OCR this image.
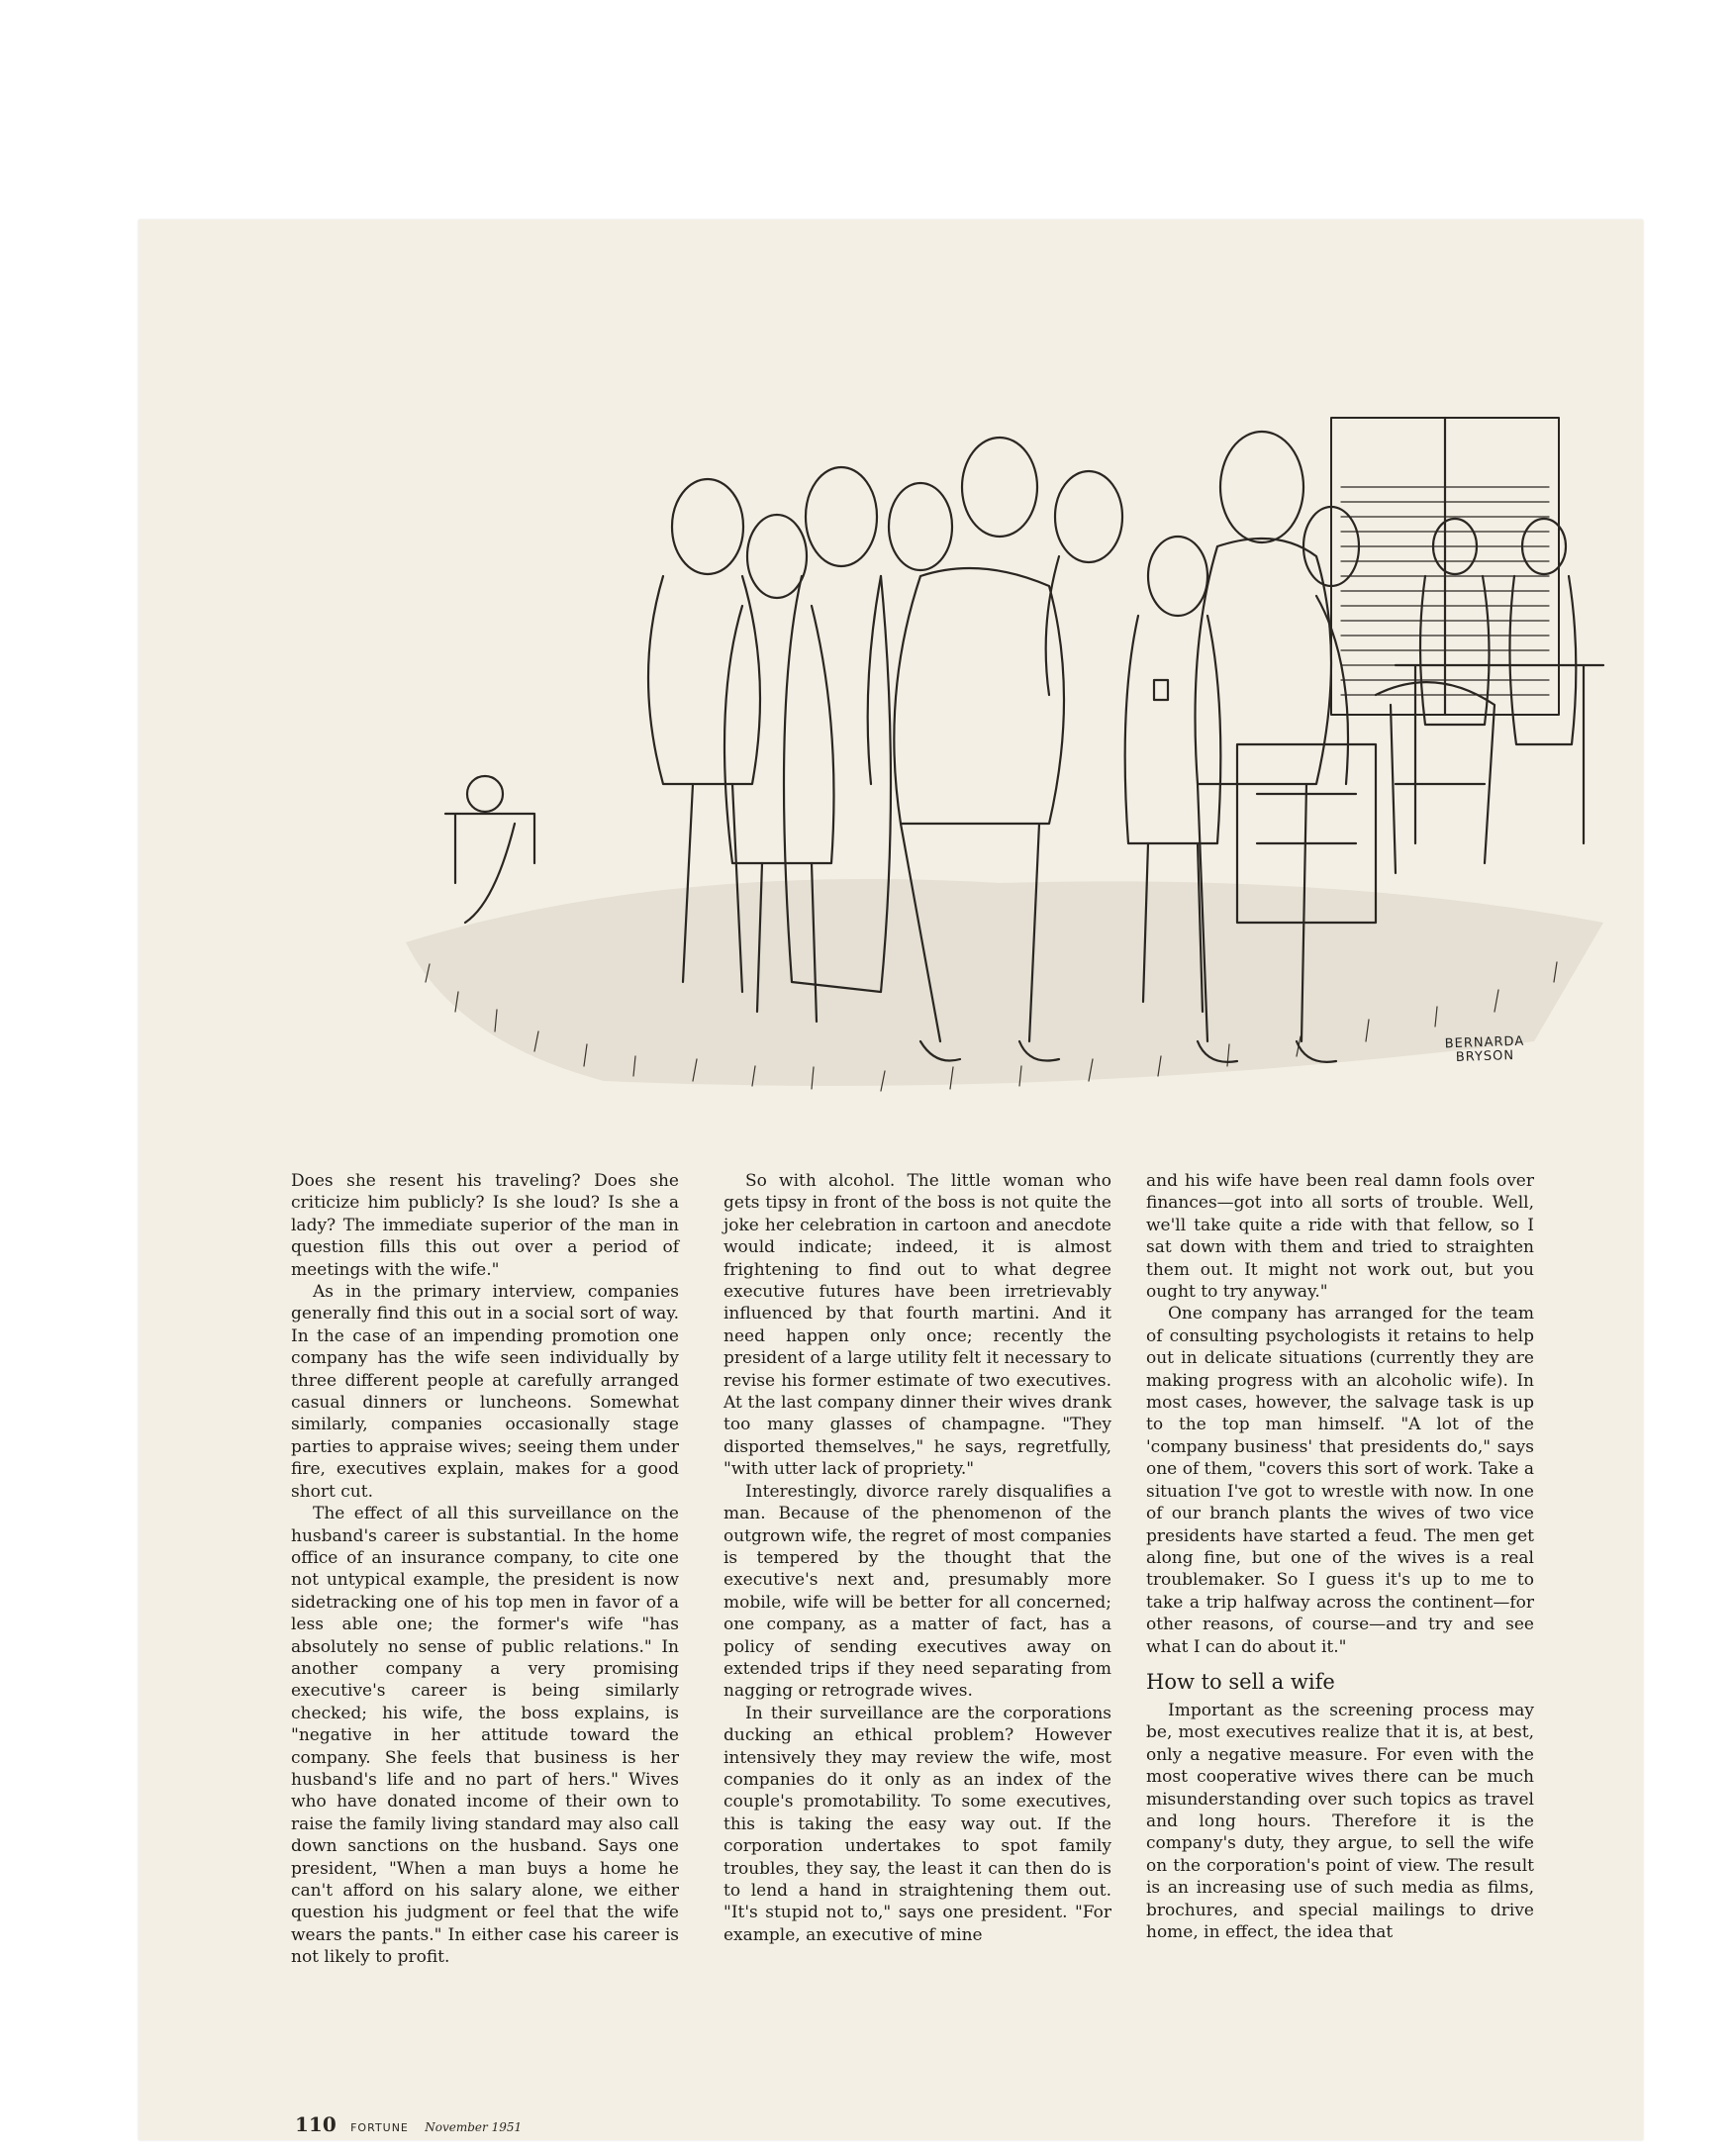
BERNARDA
BRYSON

Does she resent his traveling? Does she criticize him publicly? Is she loud? Is she a lady? The immediate superior of the man in question fills this out over a period of meetings with the wife."

As in the primary interview, companies generally find this out in a social sort of way. In the case of an impending promotion one company has the wife seen individually by three different people at carefully arranged casual dinners or luncheons. Somewhat similarly, companies occasionally stage parties to appraise wives; seeing them under fire, executives explain, makes for a good short cut.

The effect of all this surveillance on the husband's career is substantial. In the home office of an insurance company, to cite one not untypical example, the president is now sidetracking one of his top men in favor of a less able one; the former's wife "has absolutely no sense of public relations." In another company a very promising executive's career is being similarly checked; his wife, the boss explains, is "negative in her attitude toward the company. She feels that business is her husband's life and no part of hers." Wives who have donated income of their own to raise the family living standard may also call down sanctions on the husband. Says one president, "When a man buys a home he can't afford on his salary alone, we either question his judgment or feel that the wife wears the pants." In either case his career is not likely to profit.

So with alcohol. The little woman who gets tipsy in front of the boss is not quite the joke her celebration in cartoon and anecdote would indicate; indeed, it is almost frightening to find out to what degree executive futures have been irretrievably influenced by that fourth martini. And it need happen only once; recently the president of a large utility felt it necessary to revise his former estimate of two executives. At the last company dinner their wives drank too many glasses of champagne. "They disported themselves," he says, regretfully, "with utter lack of propriety."

Interestingly, divorce rarely disqualifies a man. Because of the phenomenon of the outgrown wife, the regret of most companies is tempered by the thought that the executive's next and, presumably more mobile, wife will be better for all concerned; one company, as a matter of fact, has a policy of sending executives away on extended trips if they need separating from nagging or retrograde wives.

In their surveillance are the corporations ducking an ethical problem? However intensively they may review the wife, most companies do it only as an index of the couple's promotability. To some executives, this is taking the easy way out. If the corporation undertakes to spot family troubles, they say, the least it can then do is to lend a hand in straightening them out. "It's stupid not to," says one president. "For example, an executive of mine

and his wife have been real damn fools over finances—got into all sorts of trouble. Well, we'll take quite a ride with that fellow, so I sat down with them and tried to straighten them out. It might not work out, but you ought to try anyway."

One company has arranged for the team of consulting psychologists it retains to help out in delicate situations (currently they are making progress with an alcoholic wife). In most cases, however, the salvage task is up to the top man himself. "A lot of the 'company business' that presidents do," says one of them, "covers this sort of work. Take a situation I've got to wrestle with now. In one of our branch plants the wives of two vice presidents have started a feud. The men get along fine, but one of the wives is a real troublemaker. So I guess it's up to me to take a trip halfway across the continent—for other reasons, of course—and try and see what I can do about it."

How to sell a wife

Important as the screening process may be, most executives realize that it is, at best, only a negative measure. For even with the most cooperative wives there can be much misunderstanding over such topics as travel and long hours. Therefore it is the company's duty, they argue, to sell the wife on the corporation's point of view. The result is an increasing use of such media as films, brochures, and special mailings to drive home, in effect, the idea that

110 FORTUNE November 1951
